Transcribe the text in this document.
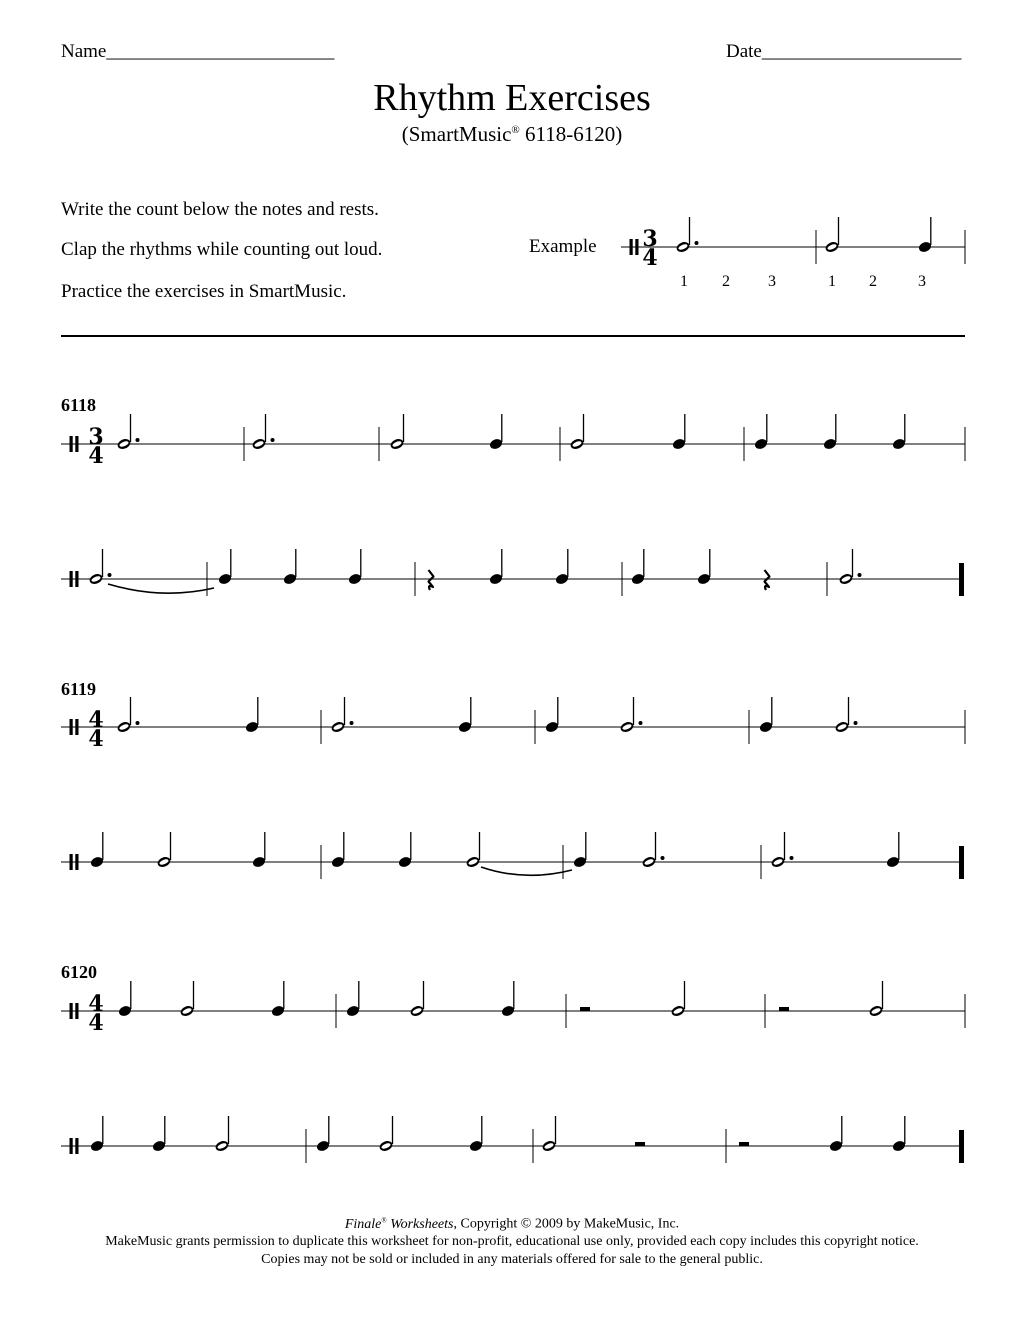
Name________________________	Date_____________________
Rhythm Exercises
(SmartMusic® 6118-6120)
Write the count below the notes and rests.
Clap the rhythms while counting out loud.
Practice the exercises in SmartMusic.
Example
6118
6119
6120
3
4
1 2 3	1 2	3
3
4
4
4
4
4
Finale® Worksheets, Copyright © 2009 by MakeMusic, Inc.
MakeMusic grants permission to duplicate this worksheet for non-profit, educational use only, provided each copy includes this copyright notice.
Copies may not be sold or included in any materials offered for sale to the general public.
